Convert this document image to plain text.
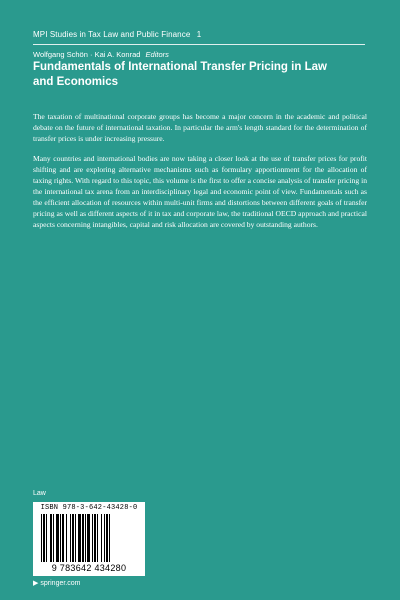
MPI Studies in Tax Law and Public Finance 1
Wolfgang Schön · Kai A. Konrad Editors
Fundamentals of International Transfer Pricing in Law and Economics
The taxation of multinational corporate groups has become a major concern in the academic and political debate on the future of international taxation. In particular the arm's length standard for the determination of transfer prices is under increasing pressure.
Many countries and international bodies are now taking a closer look at the use of transfer prices for profit shifting and are exploring alternative mechanisms such as formulary apportionment for the allocation of taxing rights. With regard to this topic, this volume is the first to offer a concise analysis of transfer pricing in the international tax arena from an interdisciplinary legal and economic point of view. Fundamentals such as the efficient allocation of resources within multi-unit firms and distortions between different goals of transfer pricing as well as different aspects of it in tax and corporate law, the traditional OECD approach and practical aspects concerning intangibles, capital and risk allocation are covered by outstanding authors.
Law
ISBN 978-3-642-43428-0
9 783642 434280
▶ springer.com
